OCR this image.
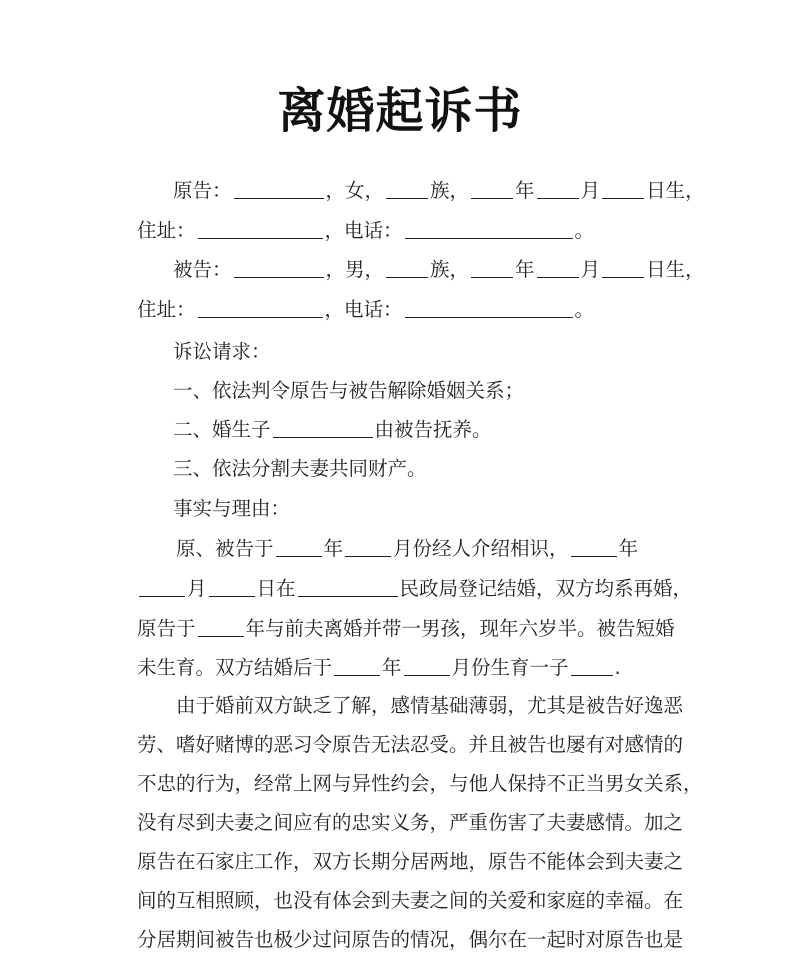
离婚起诉书
原告：	，女， 族， 年 月 日生，
住址：	，电话：	。
被告：	，男， 族， 年 月 日生，
住址：	，电话：	。
诉讼请求：
一、依法判令原告与被告解除婚姻关系；
二、婚生子	由被告抚养。
三、依法分割夫妻共同财产。
事实与理由：
原、被告于	年	月份经人介绍相识，	年
月	日在	民政局登记结婚，双方均系再婚，
原告于	年与前夫离婚并带一男孩，现年六岁半。被告短婚
未生育。双方结婚后于	年	月份生育一子 .
由于婚前双方缺乏了解，感情基础薄弱，尤其是被告好逸恶
劳、嗜好赌博的恶习令原告无法忍受。并且被告也屡有对感情的
不忠的行为，经常上网与异性约会，与他人保持不正当男女关系，
没有尽到夫妻之间应有的忠实义务，严重伤害了夫妻感情。加之
原告在石家庄工作，双方长期分居两地，原告不能体会到夫妻之
间的互相照顾，也没有体会到夫妻之间的关爱和家庭的幸福。在
分居期间被告也极少过问原告的情况，偶尔在一起时对原告也是
